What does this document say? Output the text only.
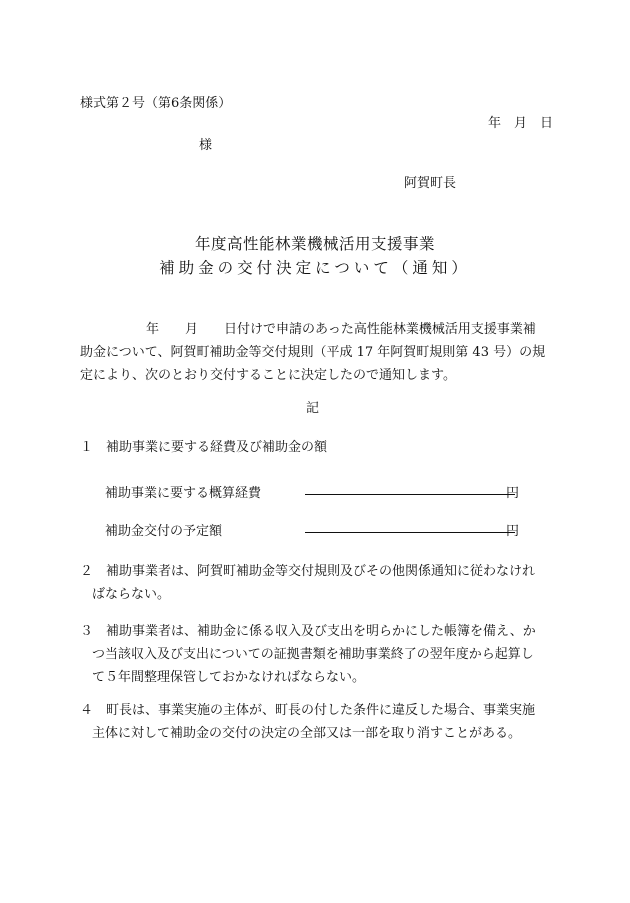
様式第２号（第6条関係）
年　月　日
様
阿賀町長
年度高性能林業機械活用支援事業
補助金の交付決定について（通知）
年　　月　　日付けで申請のあった高性能林業機械活用支援事業補
助金について、阿賀町補助金等交付規則（平成 17 年阿賀町規則第 43 号）の規
定により、次のとおり交付することに決定したので通知します。
記
１　補助事業に要する経費及び補助金の額
補助事業に要する概算経費	円
補助金交付の予定額	円
２　補助事業者は、阿賀町補助金等交付規則及びその他関係通知に従わなけれ
ばならない。
３　補助事業者は、補助金に係る収入及び支出を明らかにした帳簿を備え、か
つ当該収入及び支出についての証拠書類を補助事業終了の翌年度から起算し
て５年間整理保管しておかなければならない。
４　町長は、事業実施の主体が、町長の付した条件に違反した場合、事業実施
主体に対して補助金の交付の決定の全部又は一部を取り消すことがある。
